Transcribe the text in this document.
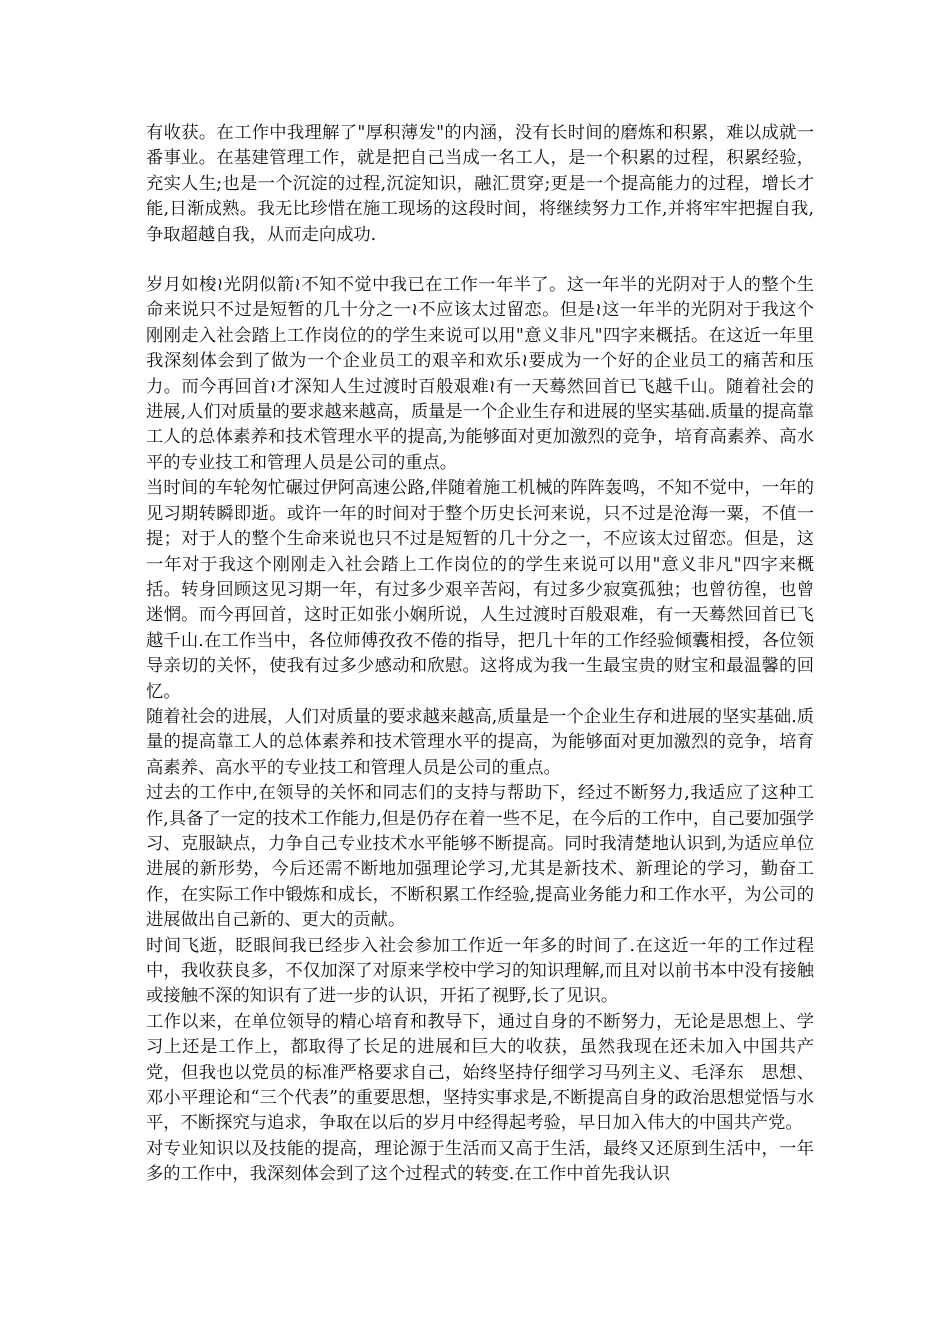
有收获。在工作中我理解了"厚积薄发"的内涵，没有长时间的磨炼和积累，难以成就一番事业。在基建管理工作，就是把自己当成一名工人，是一个积累的过程，积累经验，充实人生;也是一个沉淀的过程,沉淀知识，融汇贯穿;更是一个提高能力的过程，增长才能,日渐成熟。我无比珍惜在施工现场的这段时间，将继续努力工作,并将牢牢把握自我,争取超越自我，从而走向成功.

岁月如梭≀光阴似箭≀不知不觉中我已在工作一年半了。这一年半的光阴对于人的整个生命来说只不过是短暂的几十分之一≀不应该太过留恋。但是≀这一年半的光阴对于我这个刚刚走入社会踏上工作岗位的的学生来说可以用"意义非凡"四字来概括。在这近一年里我深刻体会到了做为一个企业员工的艰辛和欢乐≀要成为一个好的企业员工的痛苦和压力。而今再回首≀才深知人生过渡时百般艰难≀有一天蓦然回首已飞越千山。随着社会的进展,人们对质量的要求越来越高，质量是一个企业生存和进展的坚实基础.质量的提高靠工人的总体素养和技术管理水平的提高,为能够面对更加激烈的竞争，培育高素养、高水平的专业技工和管理人员是公司的重点。

当时间的车轮匆忙碾过伊阿高速公路,伴随着施工机械的阵阵轰鸣，不知不觉中，一年的见习期转瞬即逝。或许一年的时间对于整个历史长河来说，只不过是沧海一粟，不值一提；对于人的整个生命来说也只不过是短暂的几十分之一，不应该太过留恋。但是，这一年对于我这个刚刚走入社会踏上工作岗位的的学生来说可以用"意义非凡"四字来概括。转身回顾这见习期一年，有过多少艰辛苦闷，有过多少寂寞孤独；也曾彷徨，也曾迷惘。而今再回首，这时正如张小娴所说，人生过渡时百般艰难，有一天蓦然回首已飞越千山.在工作当中，各位师傅孜孜不倦的指导，把几十年的工作经验倾囊相授，各位领导亲切的关怀，使我有过多少感动和欣慰。这将成为我一生最宝贵的财宝和最温馨的回忆。

随着社会的进展，人们对质量的要求越来越高,质量是一个企业生存和进展的坚实基础.质量的提高靠工人的总体素养和技术管理水平的提高，为能够面对更加激烈的竞争，培育高素养、高水平的专业技工和管理人员是公司的重点。

过去的工作中,在领导的关怀和同志们的支持与帮助下，经过不断努力,我适应了这种工作,具备了一定的技术工作能力,但是仍存在着一些不足，在今后的工作中，自己要加强学习、克服缺点，力争自己专业技术水平能够不断提高。同时我清楚地认识到,为适应单位进展的新形势，今后还需不断地加强理论学习,尤其是新技术、新理论的学习，勤奋工作，在实际工作中锻炼和成长，不断积累工作经验,提高业务能力和工作水平，为公司的进展做出自己新的、更大的贡献。

时间飞逝，眨眼间我已经步入社会参加工作近一年多的时间了.在这近一年的工作过程中，我收获良多，不仅加深了对原来学校中学习的知识理解,而且对以前书本中没有接触或接触不深的知识有了进一步的认识，开拓了视野,长了见识。

工作以来，在单位领导的精心培育和教导下，通过自身的不断努力，无论是思想上、学习上还是工作上，都取得了长足的进展和巨大的收获，虽然我现在还未加入中国共产党，但我也以党员的标准严格要求自己，始终坚持仔细学习马列主义、毛泽东　思想、邓小平理论和“三个代表”的重要思想，坚持实事求是,不断提高自身的政治思想觉悟与水平，不断探究与追求，争取在以后的岁月中经得起考验，早日加入伟大的中国共产党。

对专业知识以及技能的提高，理论源于生活而又高于生活，最终又还原到生活中，一年多的工作中，我深刻体会到了这个过程式的转变.在工作中首先我认识
